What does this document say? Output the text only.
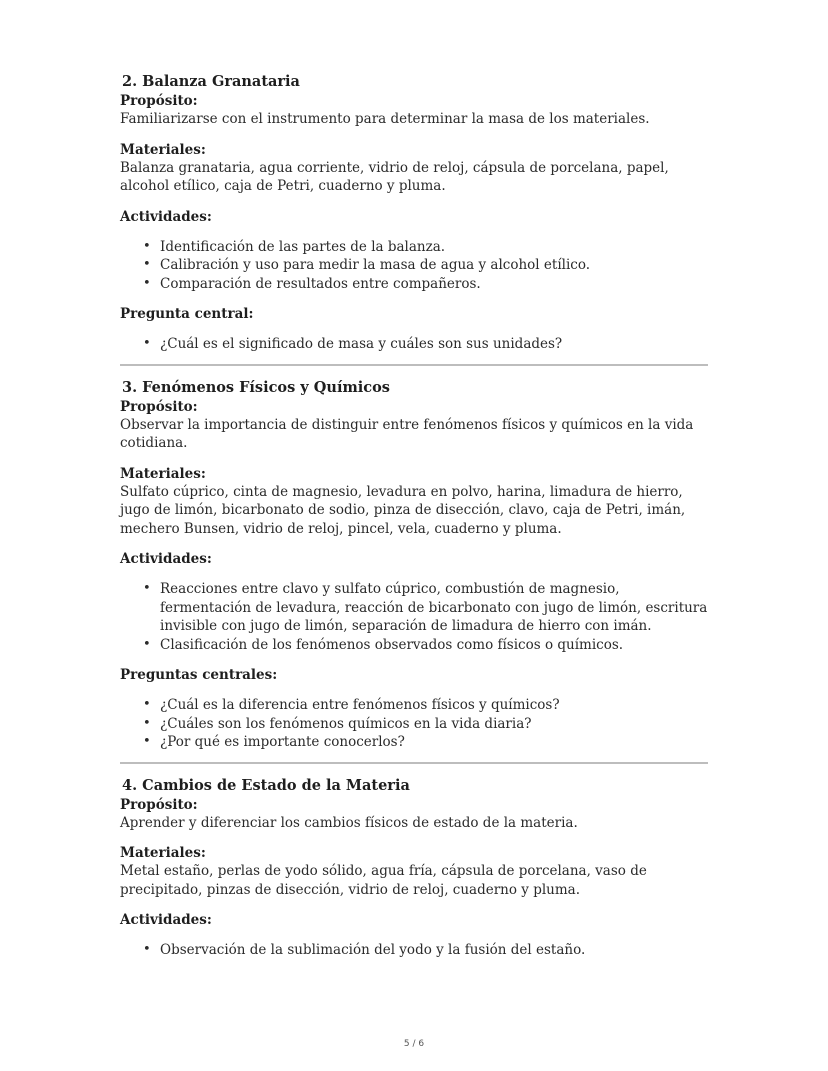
2. Balanza Granataria

Propósito:

Familiarizarse con el instrumento para determinar la masa de los materiales.

Materiales:

Balanza granataria, agua corriente, vidrio de reloj, cápsula de porcelana, papel, alcohol etílico, caja de Petri, cuaderno y pluma.

Actividades:

• Identificación de las partes de la balanza.
• Calibración y uso para medir la masa de agua y alcohol etílico.
• Comparación de resultados entre compañeros.

Pregunta central:

• ¿Cuál es el significado de masa y cuáles son sus unidades?

3. Fenómenos Físicos y Químicos

Propósito:

Observar la importancia de distinguir entre fenómenos físicos y químicos en la vida cotidiana.

Materiales:

Sulfato cúprico, cinta de magnesio, levadura en polvo, harina, limadura de hierro, jugo de limón, bicarbonato de sodio, pinza de disección, clavo, caja de Petri, imán, mechero Bunsen, vidrio de reloj, pincel, vela, cuaderno y pluma.

Actividades:

• Reacciones entre clavo y sulfato cúprico, combustión de magnesio, fermentación de levadura, reacción de bicarbonato con jugo de limón, escritura invisible con jugo de limón, separación de limadura de hierro con imán.
• Clasificación de los fenómenos observados como físicos o químicos.

Preguntas centrales:

• ¿Cuál es la diferencia entre fenómenos físicos y químicos?
• ¿Cuáles son los fenómenos químicos en la vida diaria?
• ¿Por qué es importante conocerlos?

4. Cambios de Estado de la Materia

Propósito:

Aprender y diferenciar los cambios físicos de estado de la materia.

Materiales:

Metal estaño, perlas de yodo sólido, agua fría, cápsula de porcelana, vaso de precipitado, pinzas de disección, vidrio de reloj, cuaderno y pluma.

Actividades:

• Observación de la sublimación del yodo y la fusión del estaño.
5 / 6
